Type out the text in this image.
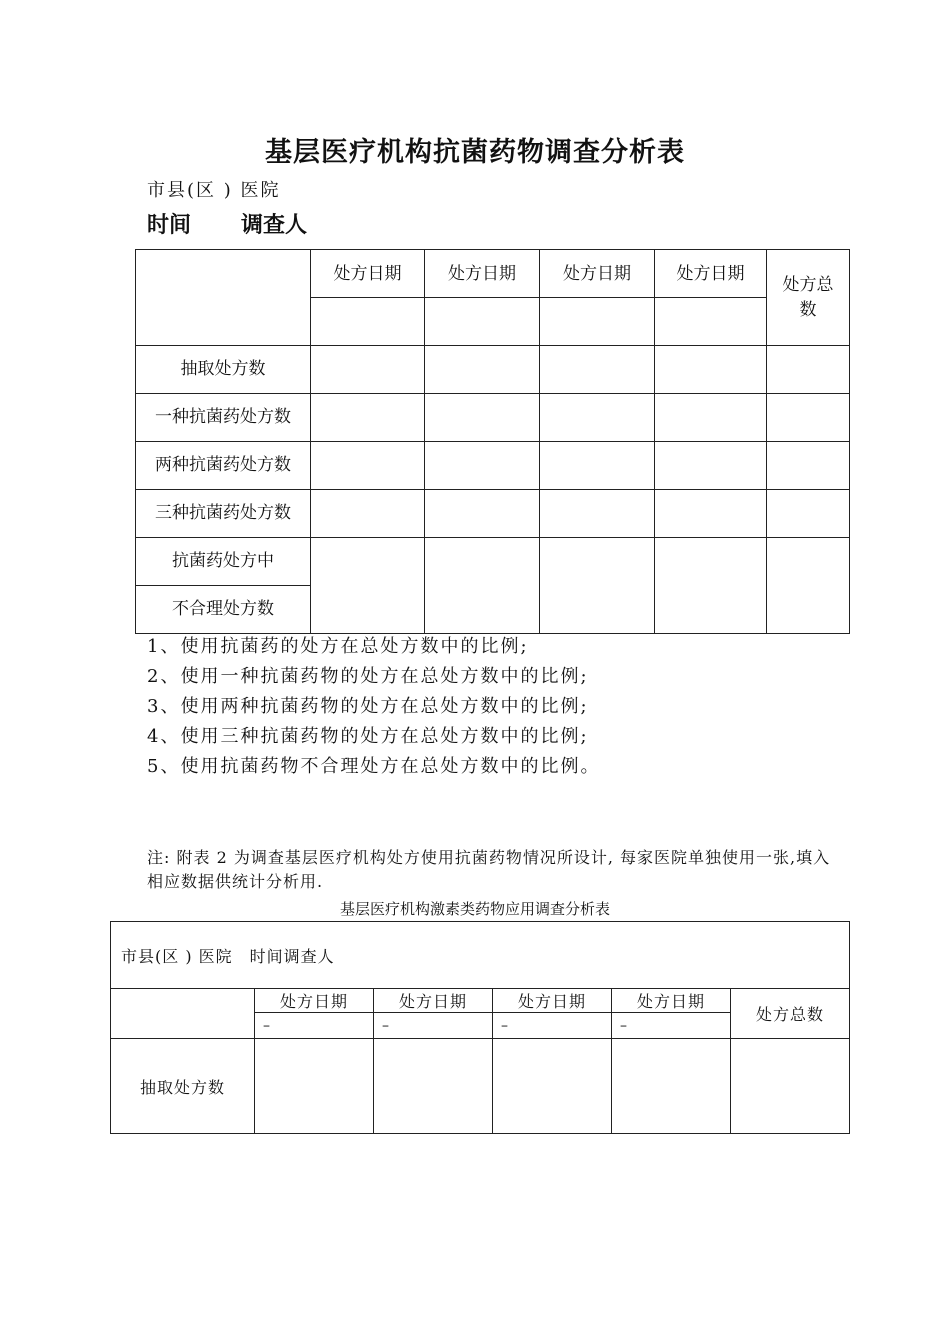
基层医疗机构抗菌药物调查分析表
市县(区 ) 医院
时间 调查人
	处方日期	处方日期	处方日期	处方日期	处方总数

抽取处方数					
一种抗菌药处方数					
两种抗菌药处方数					
三种抗菌药处方数					
抗菌药处方中					
不合理处方数					
1、使用抗菌药的处方在总处方数中的比例;
2、使用一种抗菌药物的处方在总处方数中的比例;
3、使用两种抗菌药物的处方在总处方数中的比例;
4、使用三种抗菌药物的处方在总处方数中的比例;
5、使用抗菌药物不合理处方在总处方数中的比例。
注: 附表 2 为调查基层医疗机构处方使用抗菌药物情况所设计, 每家医院单独使用一张,填入相应数据供统计分析用.
基层医疗机构激素类药物应用调查分析表
市县(区 ) 医院　时间调查人					
	处方日期	处方日期	处方日期	处方日期	处方总数
	–	–	–	–	
抽取处方数					
